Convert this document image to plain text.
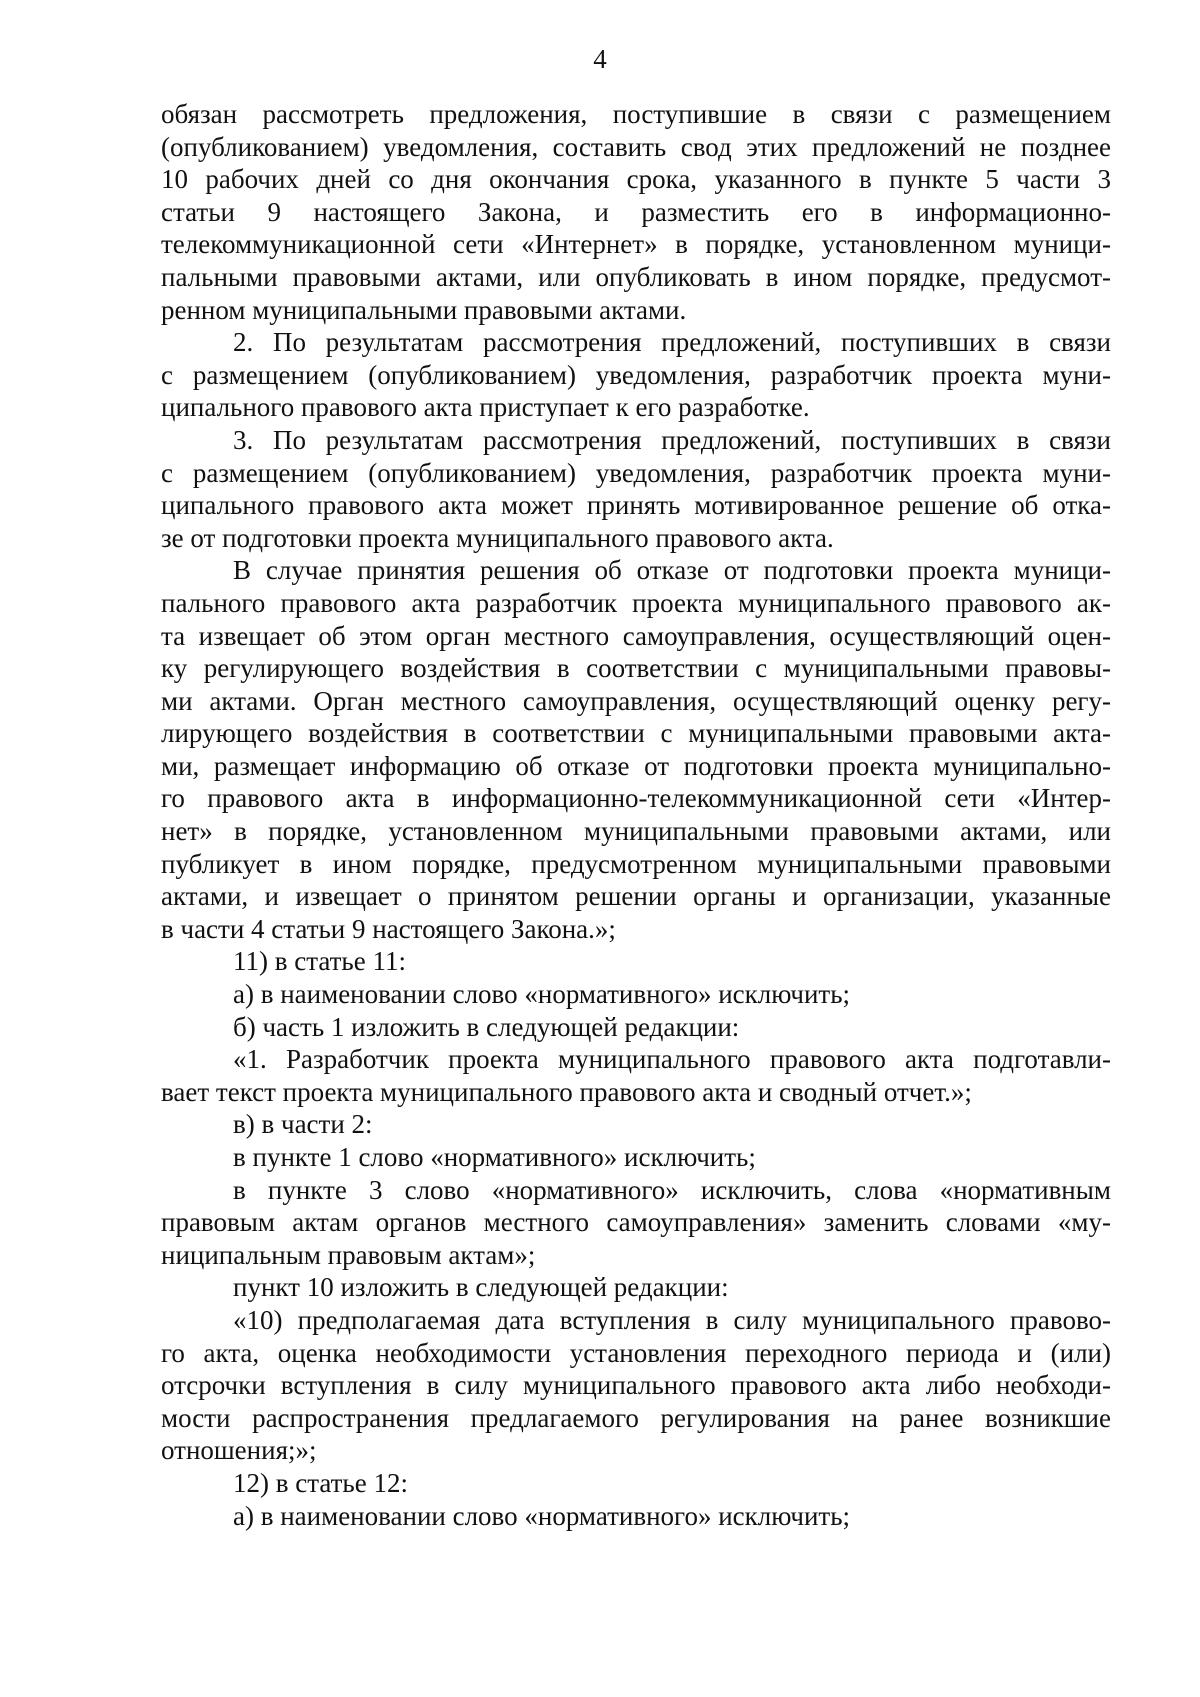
4
обязан рассмотреть предложения, поступившие в связи с размещением
(опубликованием) уведомления, составить свод этих предложений не позднее
10 рабочих дней со дня окончания срока, указанного в пункте 5 части 3
статьи 9 настоящего Закона, и разместить его в информационно-
телекоммуникационной сети «Интернет» в порядке, установленном муници-
пальными правовыми актами, или опубликовать в ином порядке, предусмот-
ренном муниципальными правовыми актами.
2. По результатам рассмотрения предложений, поступивших в связи
с размещением (опубликованием) уведомления, разработчик проекта муни-
ципального правового акта приступает к его разработке.
3. По результатам рассмотрения предложений, поступивших в связи
с размещением (опубликованием) уведомления, разработчик проекта муни-
ципального правового акта может принять мотивированное решение об отка-
зе от подготовки проекта муниципального правового акта.
В случае принятия решения об отказе от подготовки проекта муници-
пального правового акта разработчик проекта муниципального правового ак-
та извещает об этом орган местного самоуправления, осуществляющий оцен-
ку регулирующего воздействия в соответствии с муниципальными правовы-
ми актами. Орган местного самоуправления, осуществляющий оценку регу-
лирующего воздействия в соответствии с муниципальными правовыми акта-
ми, размещает информацию об отказе от подготовки проекта муниципально-
го правового акта в информационно-телекоммуникационной сети «Интер-
нет» в порядке, установленном муниципальными правовыми актами, или
публикует в ином порядке, предусмотренном муниципальными правовыми
актами, и извещает о принятом решении органы и организации, указанные
в части 4 статьи 9 настоящего Закона.»;
11) в статье 11:
а) в наименовании слово «нормативного» исключить;
б) часть 1 изложить в следующей редакции:
«1. Разработчик проекта муниципального правового акта подготавли-
вает текст проекта муниципального правового акта и сводный отчет.»;
в) в части 2:
в пункте 1 слово «нормативного» исключить;
в пункте 3 слово «нормативного» исключить, слова «нормативным
правовым актам органов местного самоуправления» заменить словами «му-
ниципальным правовым актам»;
пункт 10 изложить в следующей редакции:
«10) предполагаемая дата вступления в силу муниципального правово-
го акта, оценка необходимости установления переходного периода и (или)
отсрочки вступления в силу муниципального правового акта либо необходи-
мости распространения предлагаемого регулирования на ранее возникшие
отношения;»;
12) в статье 12:
а) в наименовании слово «нормативного» исключить;
